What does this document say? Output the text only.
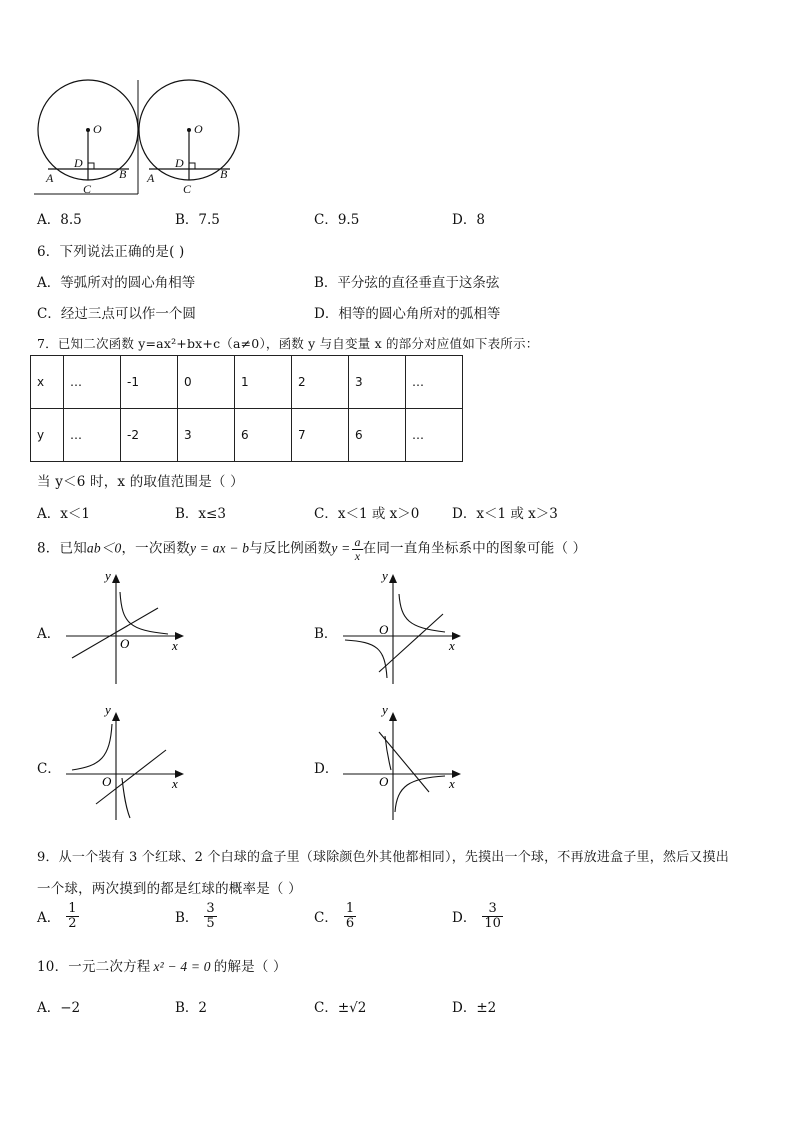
O
D
A	B
C
O
D
A	B
C
A．8.5	B．7.5	C．9.5	D．8
6．下列说法正确的是( )
A．等弧所对的圆心角相等	B．平分弦的直径垂直于这条弦
C．经过三点可以作一个圆	D．相等的圆心角所对的弧相等
7．已知二次函数 y=ax²+bx+c（a≠0），函数 y 与自变量 x 的部分对应值如下表所示：
x	…	-1	0	1	2	3	…
y	…	-2	3	6	7	6	…
当 y＜6 时，x 的取值范围是（ ）
A．x＜1	B．x≤3	C．x＜1 或 x＞0 D．x＜1 或 x＞3
8．已知ab＜0，一次函数y = ax − b与反比例函数$y = \frac{a}{x}$ 在同一直角坐标系中的图象可能（ ）
A．	B．
C．	D．
y
x
O
y
x
O
y
x
O
y
x
O
9．从一个装有 3 个红球、2 个白球的盒子里（球除颜色外其他都相同），先摸出一个球，不再放进盒子里，然后又摸出
一个球，两次摸到的都是红球的概率是（ ）
A． $\frac{1}{2}$	B． $\frac{3}{5}$	C． $\frac{1}{6}$	D． $\frac{3}{10}$
10．一元二次方程 x² − 4 = 0 的解是（ ）
A．−2	B．2	C．±√2	D．±2
